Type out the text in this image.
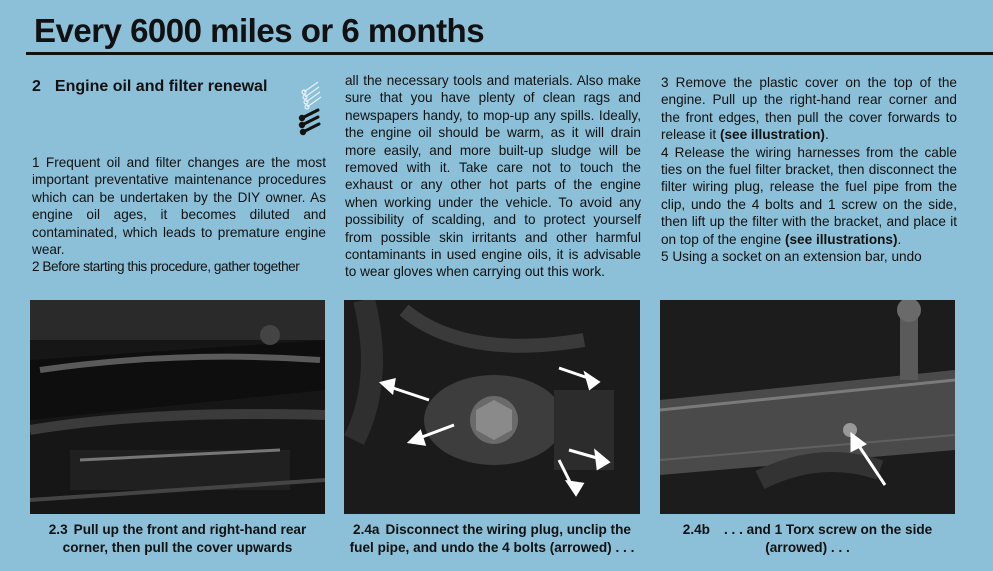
Every 6000 miles or 6 months
2 Engine oil and filter renewal

1 Frequent oil and filter changes are the most important preventative maintenance procedures which can be undertaken by the DIY owner. As engine oil ages, it becomes diluted and contaminated, which leads to premature engine wear.

2 Before starting this procedure, gather together

all the necessary tools and materials. Also make sure that you have plenty of clean rags and newspapers handy, to mop-up any spills. Ideally, the engine oil should be warm, as it will drain more easily, and more built-up sludge will be removed with it. Take care not to touch the exhaust or any other hot parts of the engine when working under the vehicle. To avoid any possibility of scalding, and to protect yourself from possible skin irritants and other harmful contaminants in used engine oils, it is advisable to wear gloves when carrying out this work.

3 Remove the plastic cover on the top of the engine. Pull up the right-hand rear corner and the front edges, then pull the cover forwards to release it (see illustration).

4 Release the wiring harnesses from the cable ties on the fuel filter bracket, then disconnect the filter wiring plug, release the fuel pipe from the clip, undo the 4 bolts and 1 screw on the side, then lift up the filter with the bracket, and place it on top of the engine (see illustrations).

5 Using a socket on an extension bar, undo

2.3 Pull up the front and right-hand rear corner, then pull the cover upwards
2.4a Disconnect the wiring plug, unclip the fuel pipe, and undo the 4 bolts (arrowed) . . .
2.4b . . . and 1 Torx screw on the side (arrowed) . . .
